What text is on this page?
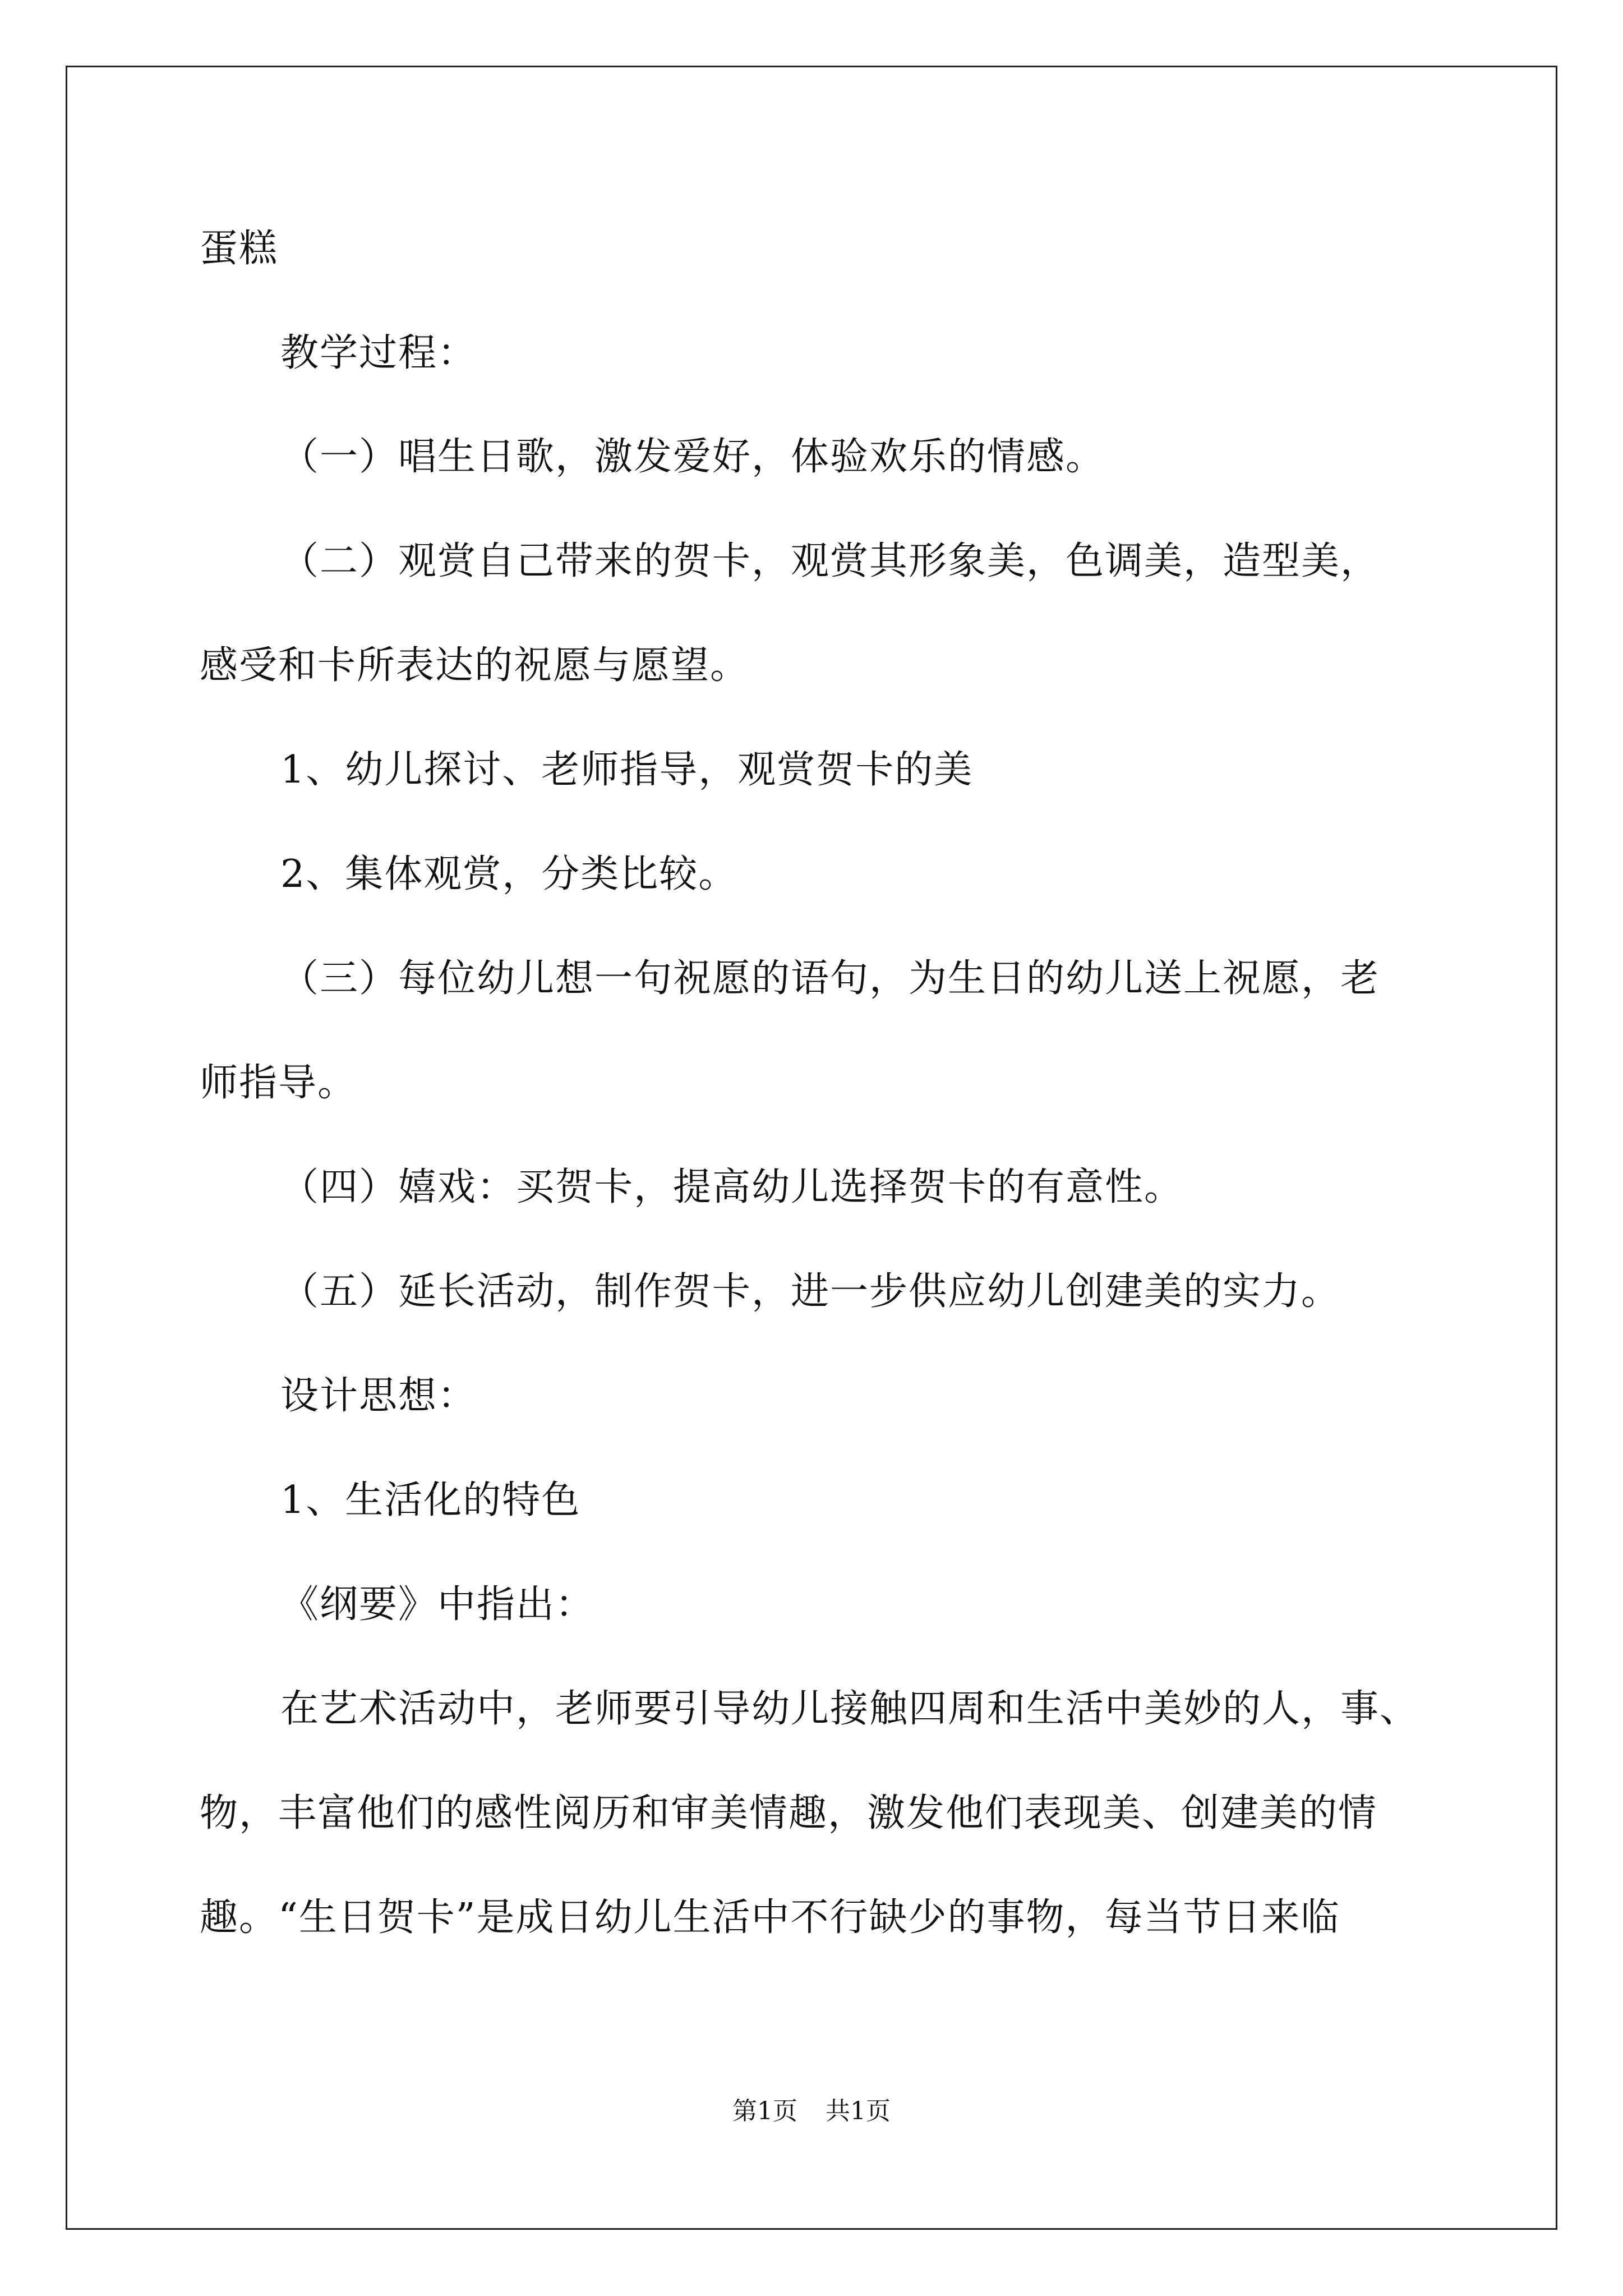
蛋糕
教学过程：
（一）唱生日歌，激发爱好，体验欢乐的情感。
（二）观赏自己带来的贺卡，观赏其形象美，色调美，造型美，
感受和卡所表达的祝愿与愿望。
1、幼儿探讨、老师指导，观赏贺卡的美
2、集体观赏，分类比较。
（三）每位幼儿想一句祝愿的语句，为生日的幼儿送上祝愿，老
师指导。
（四）嬉戏：买贺卡，提高幼儿选择贺卡的有意性。
（五）延长活动，制作贺卡，进一步供应幼儿创建美的实力。
设计思想：
1、生活化的特色
《纲要》中指出：
在艺术活动中，老师要引导幼儿接触四周和生活中美妙的人，事、
物，丰富他们的感性阅历和审美情趣，激发他们表现美、创建美的情
趣。“生日贺卡”是成日幼儿生活中不行缺少的事物，每当节日来临
第1页 共1页
